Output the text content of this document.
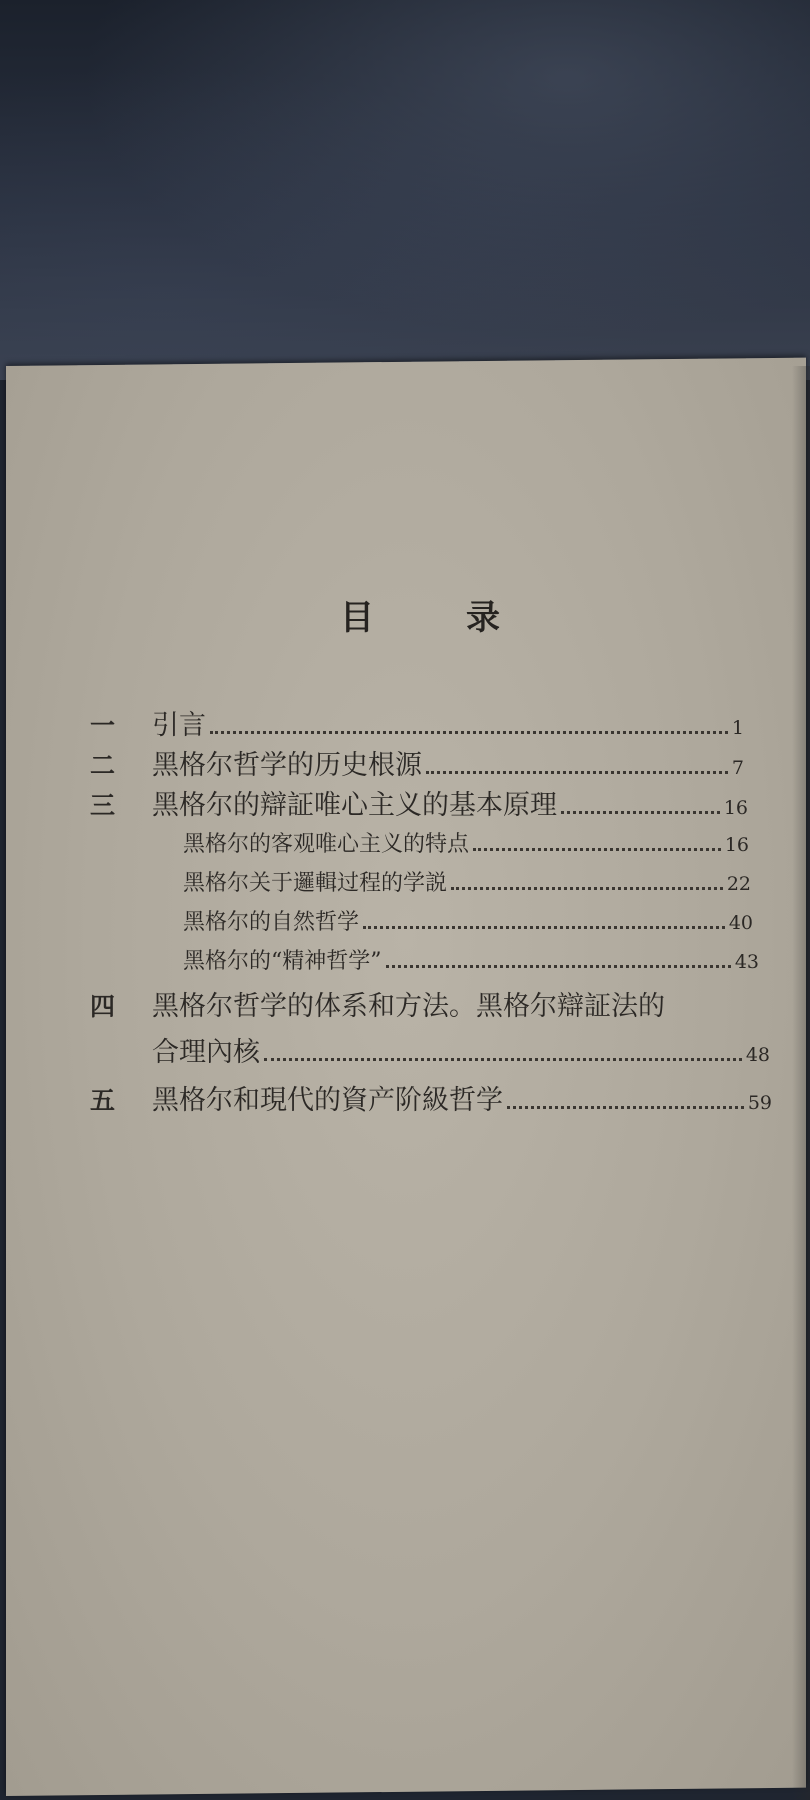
目	录
一	引言	1
二	黑格尔哲学的历史根源	7
三	黑格尔的辯証唯心主义的基本原理	16
黑格尔的客观唯心主义的特点	16
黑格尔关于邏輯过程的学説	22
黑格尔的自然哲学	40
黑格尔的“精神哲学”	43
四	黑格尔哲学的体系和方法。黑格尔辯証法的
合理內核	48
五	黑格尔和現代的資产阶級哲学	59
